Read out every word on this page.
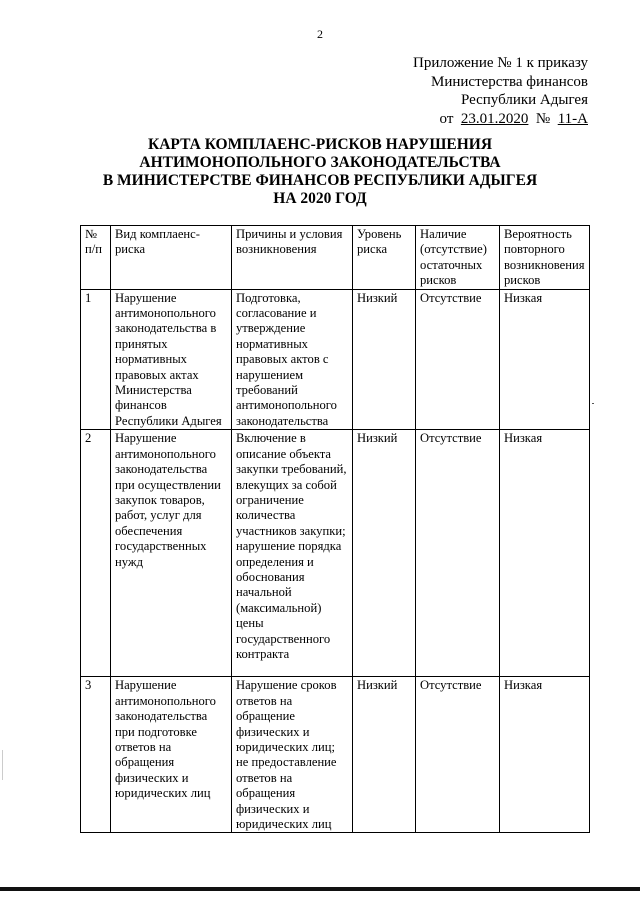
2
Приложение № 1 к приказу
Министерства финансов
Республики Адыгея
от 23.01.2020 № 11-А
КАРТА КОМПЛАЕНС-РИСКОВ НАРУШЕНИЯ
АНТИМОНОПОЛЬНОГО ЗАКОНОДАТЕЛЬСТВА
В МИНИСТЕРСТВЕ ФИНАНСОВ РЕСПУБЛИКИ АДЫГЕЯ
НА 2020 ГОД
№ п/п	Вид комплаенс-риска	Причины и условия возникновения	Уровень риска	Наличие (отсутствие) остаточных рисков	Вероятность повторного возникновения рисков
1	Нарушение антимонопольного законодательства в принятых нормативных правовых актах Министерства финансов Республики Адыгея	Подготовка, согласование и утверждение нормативных правовых актов с нарушением требований антимонопольного законодательства	Низкий	Отсутствие	Низкая
2	Нарушение антимонопольного законодательства при осуществлении закупок товаров, работ, услуг для обеспечения государственных нужд	Включение в описание объекта закупки требований, влекущих за собой ограничение количества участников закупки; нарушение порядка определения и обоснования начальной (максимальной) цены государственного контракта	Низкий	Отсутствие	Низкая
3	Нарушение антимонопольного законодательства при подготовке ответов на обращения физических и юридических лиц	Нарушение сроков ответов на обращение физических и юридических лиц; не предоставление ответов на обращения физических и юридических лиц	Низкий	Отсутствие	Низкая
